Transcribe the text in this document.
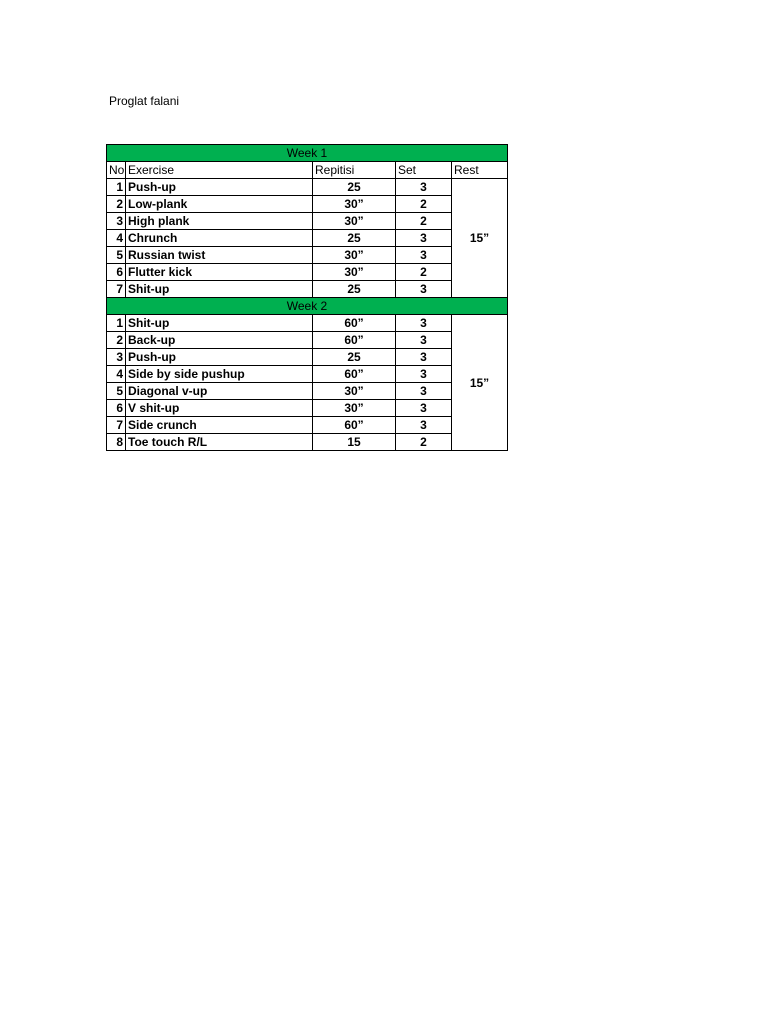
Proglat falani
Week 1				
No	Exercise	Repitisi	Set	Rest
1	Push-up	25	3	15”
2	Low-plank	30”	2	
3	High plank	30”	2	
4	Chrunch	25	3	
5	Russian twist	30”	3	
6	Flutter kick	30”	2	
7	Shit-up	25	3	
Week 2				
1	Shit-up	60”	3	15”
2	Back-up	60”	3	
3	Push-up	25	3	
4	Side by side pushup	60”	3	
5	Diagonal v-up	30”	3	
6	V shit-up	30”	3	
7	Side crunch	60”	3	
8	Toe touch R/L	15	2	
